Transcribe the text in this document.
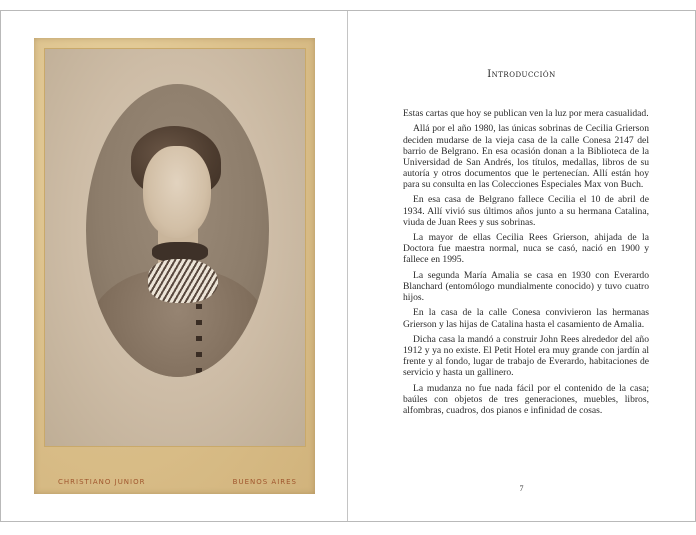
CHRISTIANO JUNIOR	BUENOS AIRES
Introducción

Estas cartas que hoy se publican ven la luz por mera casualidad.

Allá por el año 1980, las únicas sobrinas de Cecilia Grierson deciden mudarse de la vieja casa de la calle Conesa 2147 del barrio de Belgrano. En esa ocasión donan a la Biblioteca de la Universidad de San Andrés, los títulos, medallas, libros de su autoría y otros documentos que le pertenecían. Allí están hoy para su consulta en las Colecciones Especiales Max von Buch.

En esa casa de Belgrano fallece Cecilia el 10 de abril de 1934. Allí vivió sus últimos años junto a su hermana Catalina, viuda de Juan Rees y sus sobrinas.

La mayor de ellas Cecilia Rees Grierson, ahijada de la Doctora fue maestra normal, nuca se casó, nació en 1900 y fallece en 1995.

La segunda María Amalia se casa en 1930 con Everardo Blanchard (entomólogo mundialmente conocido) y tuvo cuatro hijos.

En la casa de la calle Conesa convivieron las hermanas Grierson y las hijas de Catalina hasta el casamiento de Amalia.

Dicha casa la mandó a construir John Rees alrededor del año 1912 y ya no existe. El Petit Hotel era muy grande con jardín al frente y al fondo, lugar de trabajo de Everardo, habitaciones de servicio y hasta un gallinero.

La mudanza no fue nada fácil por el contenido de la casa; baúles con objetos de tres generaciones, muebles, libros, alfombras, cuadros, dos pianos e infinidad de cosas.

7
